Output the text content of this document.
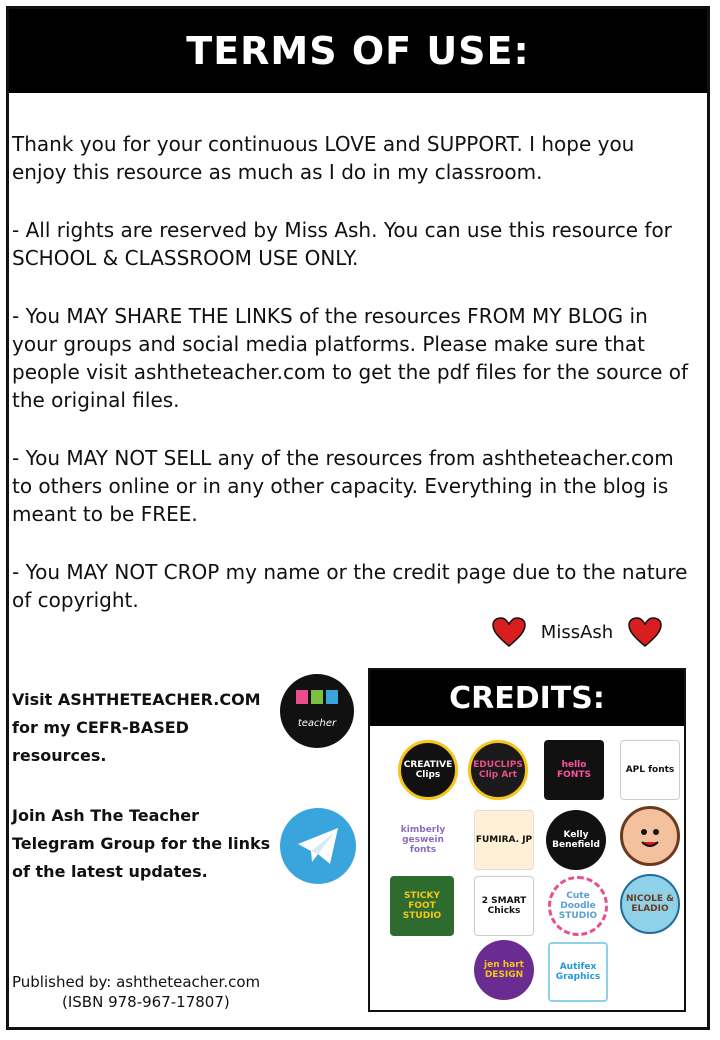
TERMS OF USE:

Thank you for your continuous LOVE and SUPPORT. I hope you enjoy this resource as much as I do in my classroom.

- All rights are reserved by Miss Ash. You can use this resource for SCHOOL & CLASSROOM USE ONLY.

- You MAY SHARE THE LINKS of the resources FROM MY BLOG in your groups and social media platforms. Please make sure that people visit ashtheteacher.com to get the pdf files for the source of the original files.

- You MAY NOT SELL any of the resources from ashtheteacher.com to others online or in any other capacity. Everything in the blog is meant to be FREE.

- You MAY NOT CROP my name or the credit page due to the nature of copyright.

MissAsh
Visit ASHTHETEACHER.COM for my CEFR-BASED resources.
teacher
Join Ash The Teacher Telegram Group for the links of the latest updates.
Published by: ashtheteacher.com
(ISBN 978-967-17807)
CREDITS:
CREATIVE Clips
EDUCLIPS Clip Art
hello FONTS	APL fonts
kimberly geswein fonts
FUMIRA. JP	Kelly Benefield
STICKY FOOT STUDIO
2 SMART Chicks
Cute Doodle STUDIO
NICOLE & ELADIO
jen hart DESIGN
Autifex Graphics
